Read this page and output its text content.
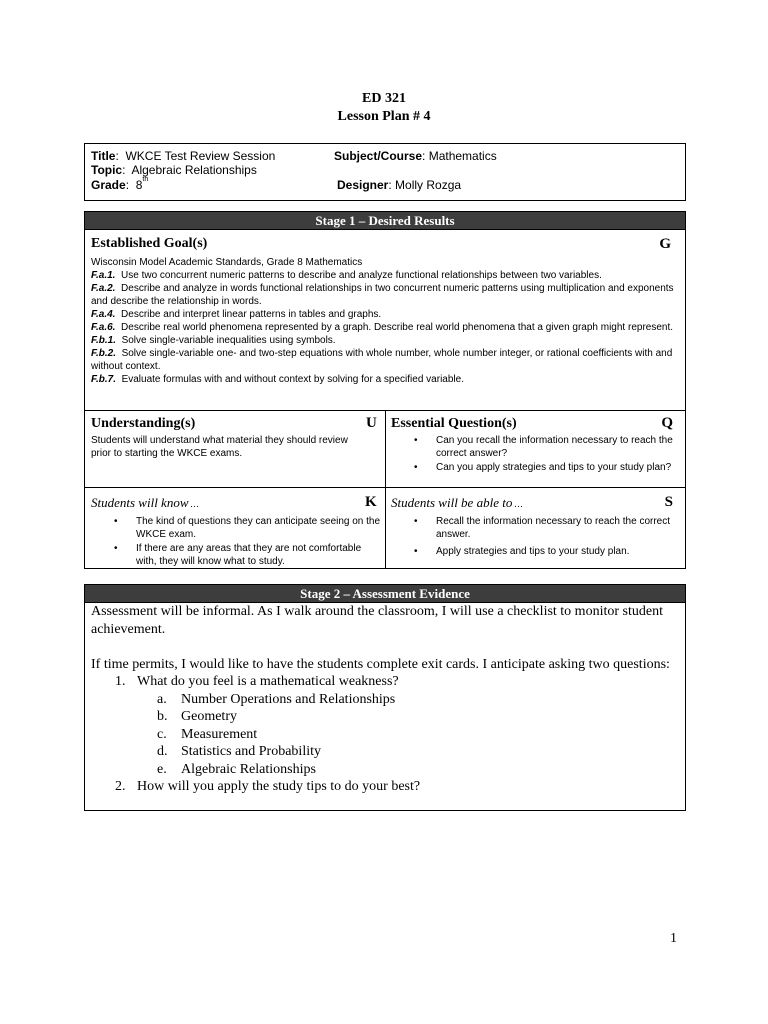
ED 321
Lesson Plan # 4
Title:  WKCE Test Review Session	Subject/Course: Mathematics
Topic:  Algebraic Relationships
Grade:  8th	Designer: Molly Rozga
Stage 1 – Desired Results
Established Goal(s)	G

Wisconsin Model Academic Standards, Grade 8 Mathematics

F.a.1. Use two concurrent numeric patterns to describe and analyze functional relationships between two variables.

F.a.2. Describe and analyze in words functional relationships in two concurrent numeric patterns using multiplication and exponents and describe the relationship in words.

F.a.4. Describe and interpret linear patterns in tables and graphs.

F.a.6. Describe real world phenomena represented by a graph. Describe real world phenomena that a given graph might represent.

F.b.1. Solve single-variable inequalities using symbols.

F.b.2. Solve single-variable one- and two-step equations with whole number, whole number integer, or rational coefficients with and without context.

F.b.7. Evaluate formulas with and without context by solving for a specified variable.

Understanding(s)	U
Students will understand what material they should review prior to starting the WKCE exams.
Essential Question(s)	Q
• Can you recall the information necessary to reach the correct answer?
• Can you apply strategies and tips to your study plan?
Students will know …	K
• The kind of questions they can anticipate seeing on the WKCE exam.
• If there are any areas that they are not comfortable with, they will know what to study.
Students will be able to …	S
• Recall the information necessary to reach the correct answer.
• Apply strategies and tips to your study plan.
Stage 2 – Assessment Evidence

Assessment will be informal. As I walk around the classroom, I will use a checklist to monitor student achievement.

If time permits, I would like to have the students complete exit cards. I anticipate asking two questions:

1. What do you feel is a mathematical weakness?
a.	Number Operations and Relationships
b. Geometry
c.	Measurement
d. Statistics and Probability
e.	Algebraic Relationships
2. How will you apply the study tips to do your best?
1
